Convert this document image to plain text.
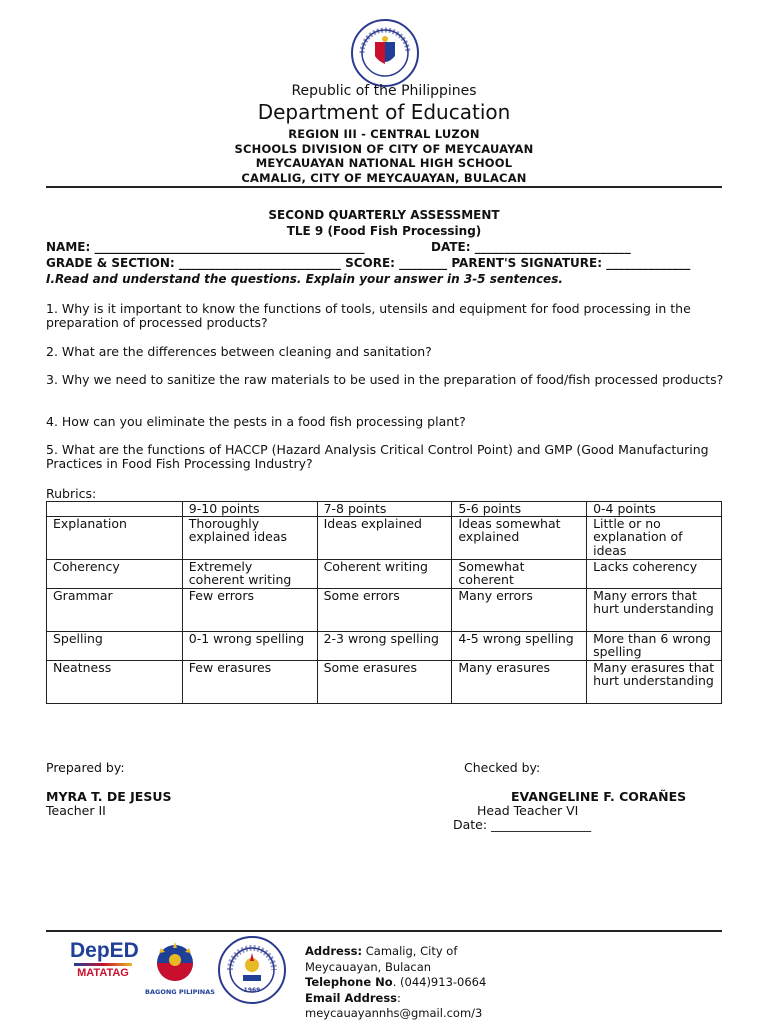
Republic of the Philippines
Department of Education
REGION III - CENTRAL LUZON
SCHOOLS DIVISION OF CITY OF MEYCAUAYAN
MEYCAUAYAN NATIONAL HIGH SCHOOL
CAMALIG, CITY OF MEYCAUAYAN, BULACAN
SECOND QUARTERLY ASSESSMENT
TLE 9 (Food Fish Processing)
NAME: _____________________________________________	DATE: __________________________
GRADE & SECTION: ___________________________ SCORE: ________ PARENT'S SIGNATURE: ______________
I.Read and understand the questions. Explain your answer in 3-5 sentences.
1. Why is it important to know the functions of tools, utensils and equipment for food processing in the preparation of processed products?
2. What are the differences between cleaning and sanitation?
3. Why we need to sanitize the raw materials to be used in the preparation of food/fish processed products?
4. How can you eliminate the pests in a food fish processing plant?
5. What are the functions of HACCP (Hazard Analysis Critical Control Point) and GMP (Good Manufacturing Practices in Food Fish Processing Industry?
Rubrics:
	9-10 points	7-8 points	5-6 points	0-4 points
Explanation	Thoroughly explained ideas	Ideas explained	Ideas somewhat explained	Little or no explanation of ideas
Coherency	Extremely coherent writing	Coherent writing	Somewhat coherent	Lacks coherency
Grammar	Few errors	Some errors	Many errors	Many errors that hurt understanding
Spelling	0-1 wrong spelling	2-3 wrong spelling	4-5 wrong spelling	More than 6 wrong spelling
Neatness	Few erasures	Some erasures	Many erasures	Many erasures that hurt understanding
Prepared by:
MYRA T. DE JESUS
Teacher II
Checked by:
EVANGELINE F. CORAÑES
Head Teacher VI
Date: ________________
DepED
MATATAG
BAGONG PILIPINAS	1969
Address: Camalig, City of
Meycauayan, Bulacan
Telephone No. (044)913-0664
Email Address:
meycauayannhs@gmail.com/3
